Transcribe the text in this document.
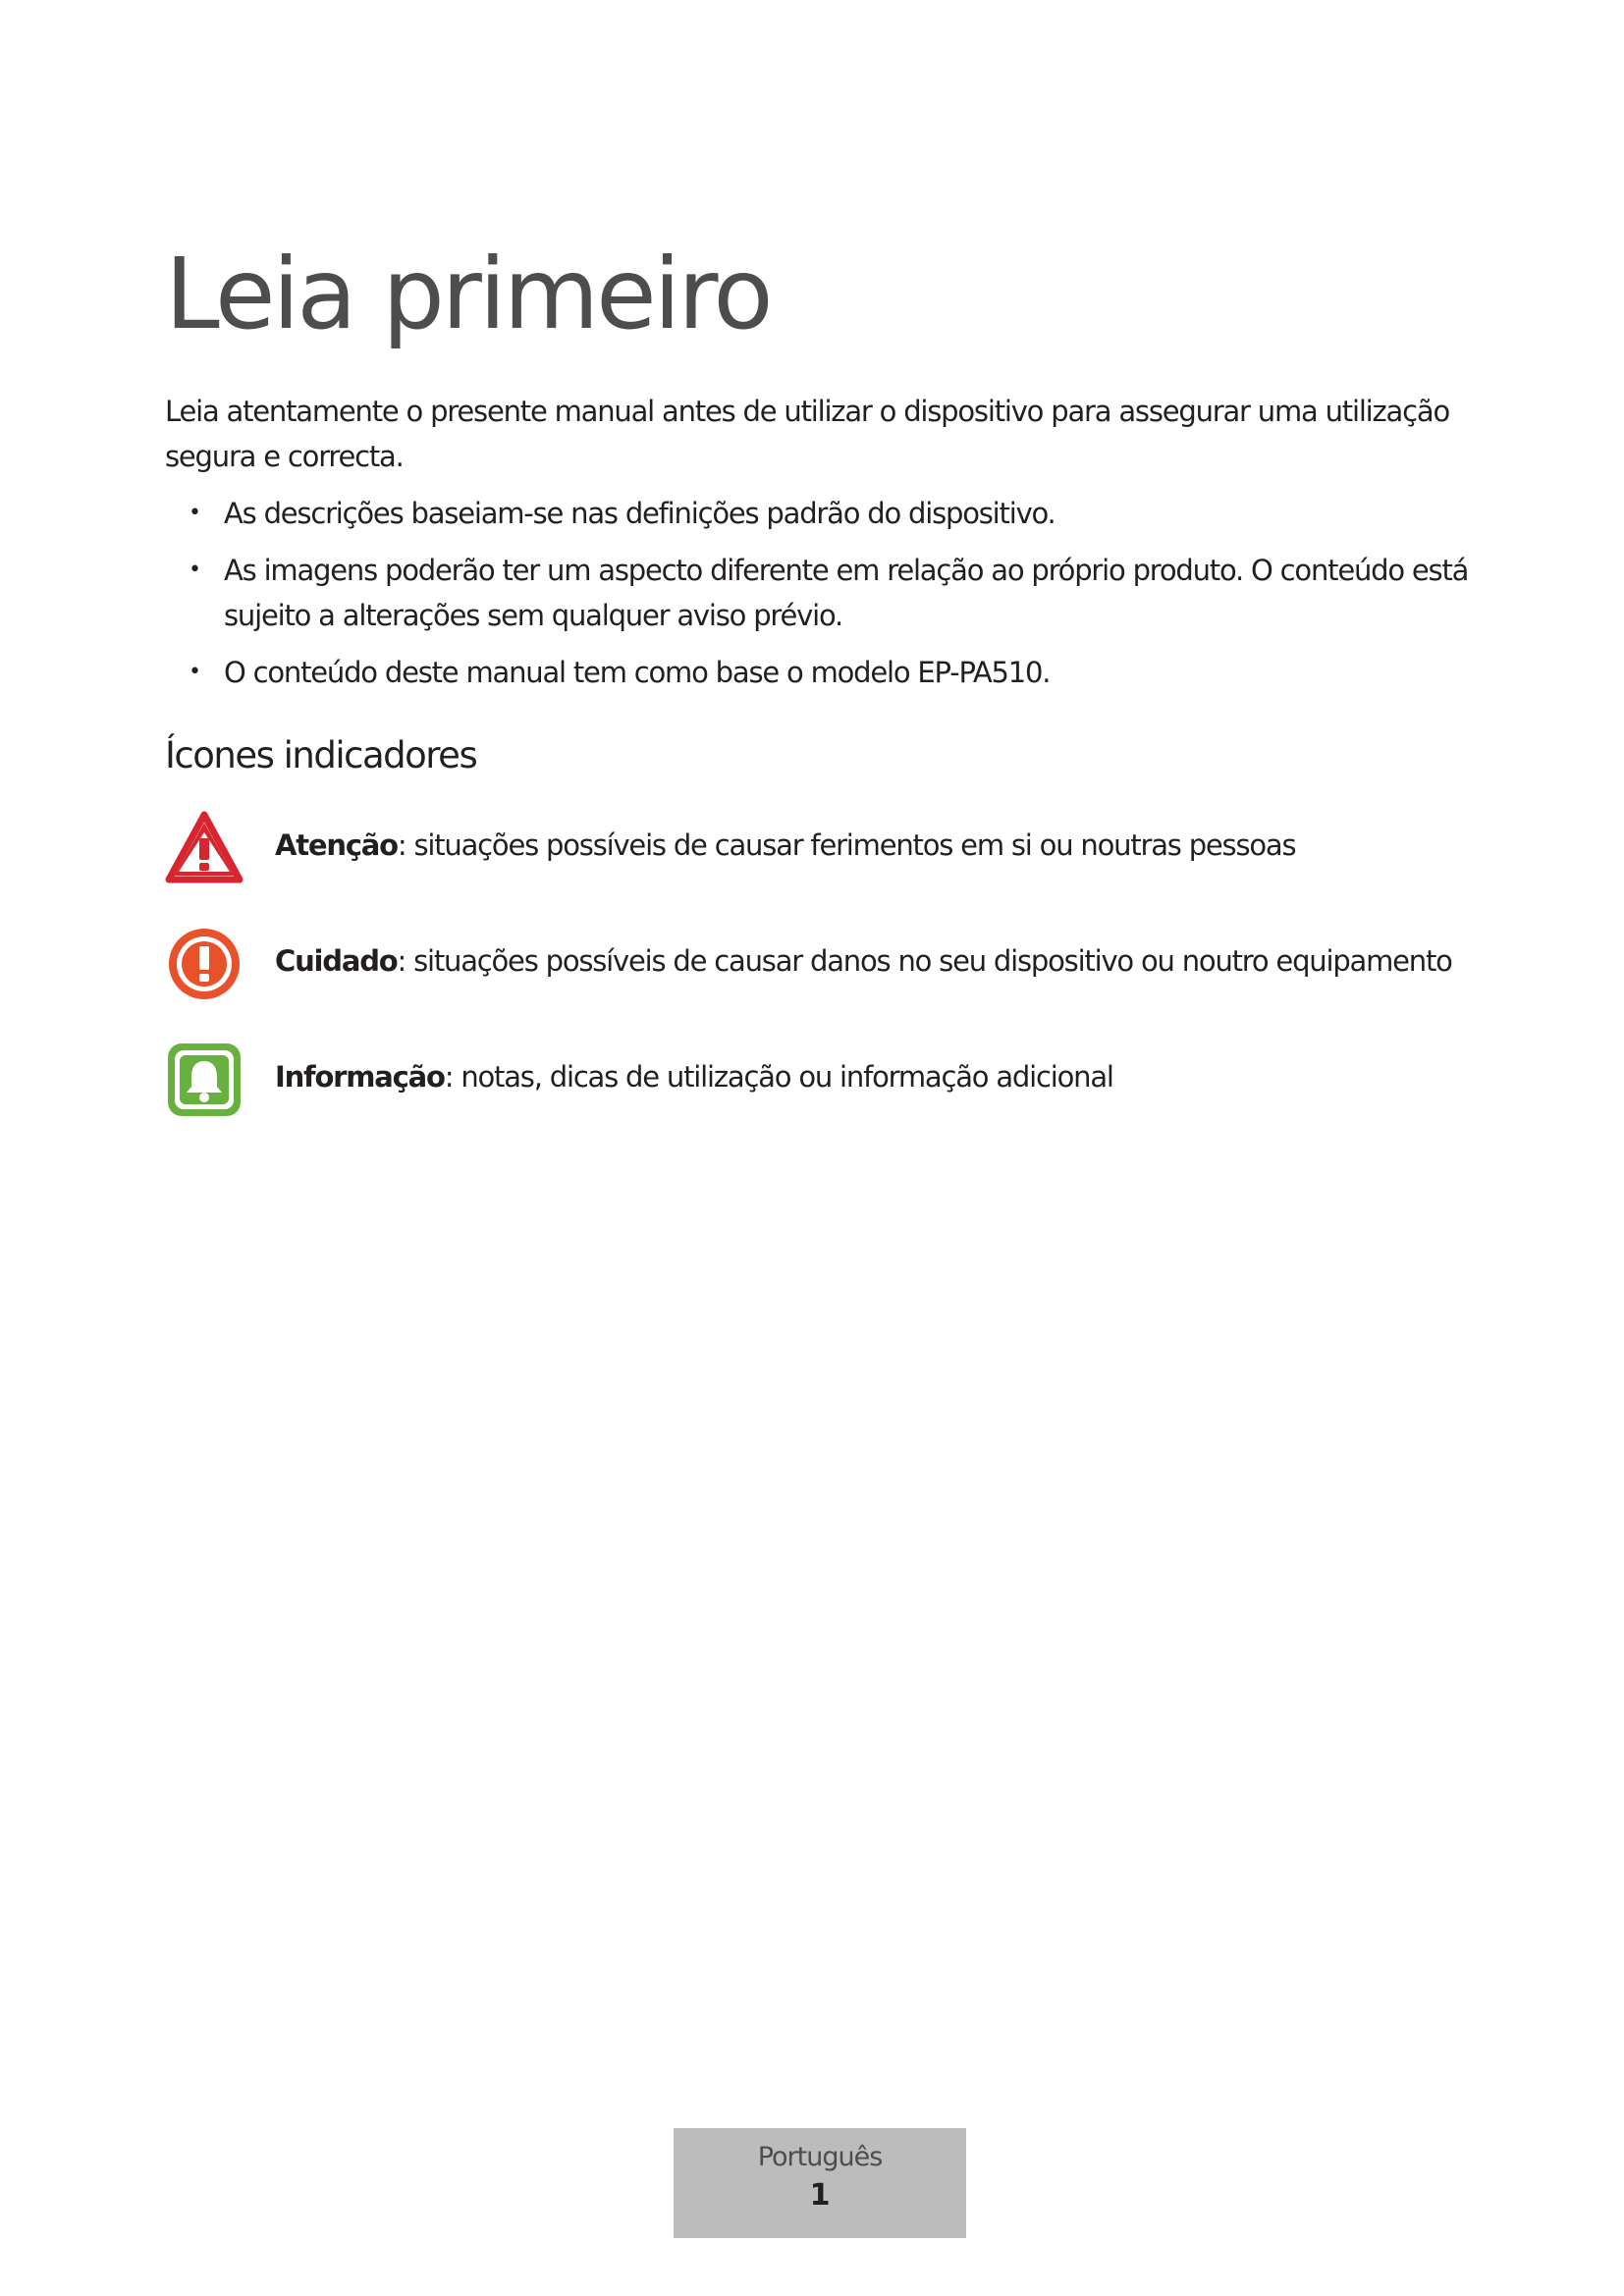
Leia primeiro

Leia atentamente o presente manual antes de utilizar o dispositivo para assegurar uma utilização segura e correcta.

• As descrições baseiam-se nas definições padrão do dispositivo.
• As imagens poderão ter um aspecto diferente em relação ao próprio produto. O conteúdo está sujeito a alterações sem qualquer aviso prévio.
• O conteúdo deste manual tem como base o modelo EP-PA510.
Ícones indicadores
Atenção: situações possíveis de causar ferimentos em si ou noutras pessoas
Cuidado: situações possíveis de causar danos no seu dispositivo ou noutro equipamento
Informação: notas, dicas de utilização ou informação adicional
Português
1
